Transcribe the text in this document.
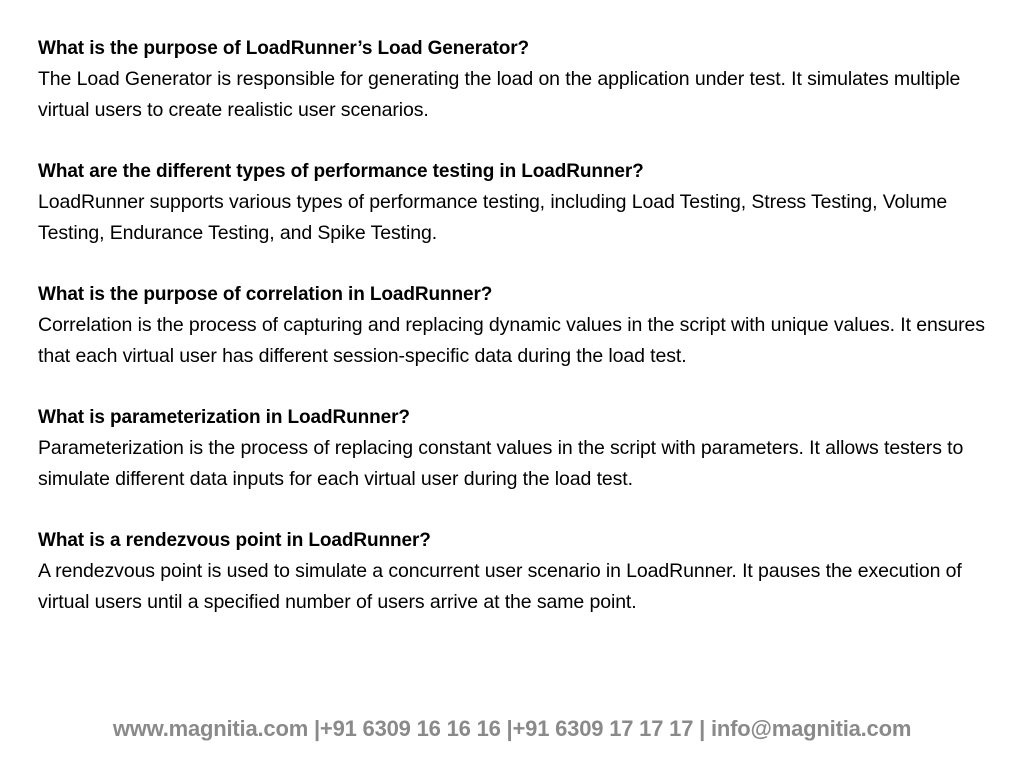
What is the purpose of LoadRunner’s Load Generator?
The Load Generator is responsible for generating the load on the application under test. It simulates multiple virtual users to create realistic user scenarios.
What are the different types of performance testing in LoadRunner?
LoadRunner supports various types of performance testing, including Load Testing, Stress Testing, Volume Testing, Endurance Testing, and Spike Testing.
What is the purpose of correlation in LoadRunner?
Correlation is the process of capturing and replacing dynamic values in the script with unique values. It ensures that each virtual user has different session-specific data during the load test.
What is parameterization in LoadRunner?
Parameterization is the process of replacing constant values in the script with parameters. It allows testers to simulate different data inputs for each virtual user during the load test.
What is a rendezvous point in LoadRunner?
A rendezvous point is used to simulate a concurrent user scenario in LoadRunner. It pauses the execution of virtual users until a specified number of users arrive at the same point.
www.magnitia.com |+91 6309 16 16 16 |+91 6309 17 17 17 | info@magnitia.com
